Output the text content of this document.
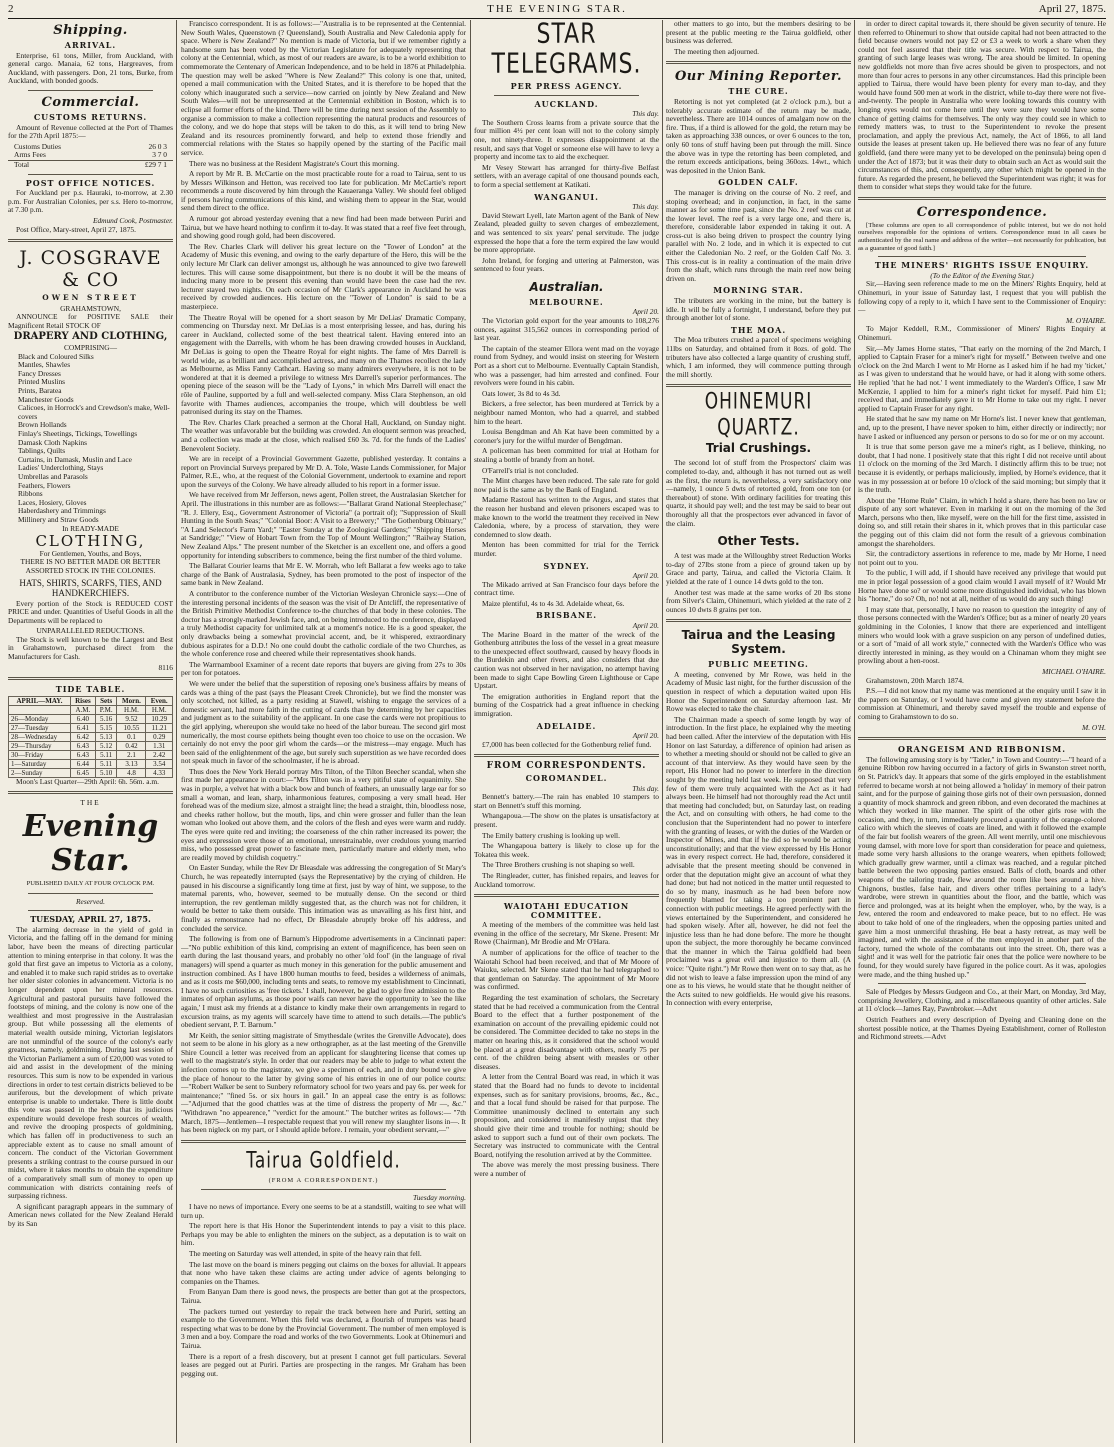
2	THE EVENING STAR.	April 27, 1875.
Shipping.
ARRIVAL.

Enterprise, 61 tons, Miller, from Auckland, with general cargo. Manaia, 62 tons, Hargreaves, from Auckland, with passengers. Don, 21 tons, Burke, from Auckland, with bonded goods.

Commercial.
CUSTOMS RETURNS.

Amount of Revenue collected at the Port of Thames for the 27th April 1875:—

Customs Duties	26 0 3
Arms Fees	3 7 0
Total	£29 7 1
POST OFFICE NOTICES.

For Auckland per p.s. Hauraki, to-morrow, at 2.30 p.m. For Australian Colonies, per s.s. Hero to-morrow, at 7.30 p.m.

Edmund Cook, Postmaster.

Post Office, Mary-street, April 27, 1875.

J. COSGRAVE & CO
OWEN STREET
GRAHAMSTOWN,

ANNOUNCE for POSITIVE SALE their Magnificent Retail STOCK OF

DRAPERY AND CLOTHING,
COMPRISING—
Black and Coloured Silks
Mantles, Shawles
Fancy Dresses
Printed Muslins
Prints, Baratea
Manchester Goods
Calicoes, in Horrock's and Crewdson's make, Well-covers
Brown Hollands
Finlay's Sheetings, Tickings, Towellings
Damask Cloth Napkins
Tablings, Quilts
Curtains, in Damask, Muslin and Lace
Ladies' Underclothing, Stays
Umbrellas and Parasols
Feathers, Flowers
Ribbons
Laces, Hosiery, Gloves
Haberdashery and Trimmings
Millinery and Straw Goods
In READY-MADE
CLOTHING,
For Gentlemen, Youths, and Boys,
THERE IS NO BETTER MADE OR BETTER ASSORTED STOCK IN THE COLONIES.
HATS, SHIRTS, SCARFS, TIES, AND HANDKERCHIEFS.

Every portion of the Stock is REDUCED COST PRICE and under. Quantities of Useful Goods in all the Departments will be replaced to

UNPARALLELED REDUCTIONS.

The Stock is well known to be the Largest and Best in Grahamstown, purchased direct from the Manufacturers for Cash.

8116
TIDE TABLE.
APRIL—MAY.	Rises	Sets	Morn.	Even.
	A.M.	P.M.	H.M.	H.M.
26—Monday	6.40	5.16	9.52	10.29
27—Tuesday	6.41	5.15	10.55	11.21
28—Wednesday	6.42	5.13	0.1	0.29
29—Thursday	6.43	5.12	0.42	1.31
30—Friday	6.43	5.11	2.1	2.42
1—Saturday	6.44	5.11	3.13	3.54
2—Sunday	6.45	5.10	4.8	4.33

Moon's Last Quarter—29th April: 6h. 56m. a.m.

THE
Evening Star.
PUBLISHED DAILY AT FOUR O'CLOCK P.M.
Reserved.
TUESDAY, APRIL 27, 1875.

The alarming decrease in the yield of gold in Victoria, and the falling off in the demand for mining labor, have been the means of directing particular attention to mining enterprise in that colony. It was the gold that first gave an impetus to Victoria as a colony, and enabled it to make such rapid strides as to overtake her older sister colonies in advancement. Victoria is no longer dependent upon her mineral resources. Agricultural and pastoral pursuits have followed the footsteps of mining, and the colony is now one of the wealthiest and most progressive in the Australasian group. But while possessing all the elements of material wealth outside mining, Victorian legislators are not unmindful of the source of the colony's early greatness, namely, goldmining. During last session of the Victorian Parliament a sum of £20,000 was voted to aid and assist in the development of the mining resources. This sum is now to be expended in various directions in order to test certain districts believed to be auriferous, but the development of which private enterprise is unable to undertake. There is little doubt this vote was passed in the hope that its judicious expenditure would develope fresh sources of wealth, and revive the drooping prospects of goldmining, which has fallen off in productiveness to such an appreciable extent as to cause no small amount of concern. The conduct of the Victorian Government presents a striking contrast to the course pursued in our midst, where it takes months to obtain the expenditure of a comparatively small sum of money to open up communication with districts containing reefs of surpassing richness.

A significant paragraph appears in the summary of American news collated for the New Zealand Herald by its San

Francisco correspondent. It is as follows:—"Australia is to be represented at the Centennial. New South Wales, Queenstown (? Queensland), South Australia and New Caledonia apply for space. Where is New Zealand?" No mention is made of Victoria, but if we remember rightly a handsome sum has been voted by the Victorian Legislature for adequately representing that colony at the Centennial, which, as most of our readers are aware, is to be a world exhibition to commemorate the Centenary of American Independence, and to be held in 1876 at Philadelphia. The question may well be asked "Where is New Zealand?" This colony is one that, united, opened a mail communication with the United States, and it is therefore to be hoped that the colony which inaugurated such a service—now carried on jointly by New Zealand and New South Wales—will not be unrepresented at the Centennial exhibition in Boston, which is to eclipse all former efforts of the kind. There will be time during next session of the Assembly to organise a commission to make a collection representing the natural products and resources of the colony, and we do hope that steps will be taken to do this, as it will tend to bring New Zealand and its resources prominently forward, and help to extend those friendly and commercial relations with the States so happily opened by the starting of the Pacific mail service.

There was no business at the Resident Magistrate's Court this morning.

A report by Mr R. B. McCartie on the most practicable route for a road to Tairua, sent to us by Messrs Wilkinson and Hetton, was received too late for publication. Mr McCartie's report recommends a route discovered by him through the Kauaeranga Valley. We should feel obliged if persons having communications of this kind, and wishing them to appear in the Star, would send them direct to the office.

A rumour got abroad yesterday evening that a new find had been made between Puriri and Tairua, but we have heard nothing to confirm it to-day. It was stated that a reef five feet through, and showing good rough gold, had been discovered.

The Rev. Charles Clark will deliver his great lecture on the "Tower of London" at the Academy of Music this evening, and owing to the early departure of the Hero, this will be the only lecture Mr Clark can deliver amongst us, although he was announced to give two farewell lectures. This will cause some disappointment, but there is no doubt it will be the means of inducing many more to be present this evening than would have been the case had the rev. lecturer stayed two nights. On each occasion of Mr Clark's appearance in Auckland he was received by crowded audiences. His lecture on the "Tower of London" is said to be a masterpiece.

The Theatre Royal will be opened for a short season by Mr DeLias' Dramatic Company, commencing on Thursday next. Mr DeLias is a most enterprising lessee, and has, during his career in Auckland, collected some of the best theatrical talent. Having entered into an engagement with the Darrells, with whom he has been drawing crowded houses in Auckland, Mr DeLias is going to open the Theatre Royal for eight nights. The fame of Mrs Darrell is world wide, as a brilliant and accomplished actress, and many on the Thames recollect the lady as Melbourne, as Miss Fanny Cathcart. Having so many admirers everywhere, it is not to be wondered at that it is deemed a privilege to witness Mrs Darrell's superior performances. The opening piece of the season will be the "Lady of Lyons," in which Mrs Darrell will enact the rôle of Pauline, supported by a full and well-selected company. Miss Clara Stephenson, an old favorite with Thames audiences, accompanies the troupe, which will doubtless be well patronised during its stay on the Thames.

The Rev. Charles Clark preached a sermon at the Choral Hall, Auckland, on Sunday night. The weather was unfavorable but the building was crowded. An eloquent sermon was preached, and a collection was made at the close, which realised £60 3s. 7d. for the funds of the Ladies' Benevolent Society.

We are in receipt of a Provincial Government Gazette, published yesterday. It contains a report on Provincial Surveys prepared by Mr D. A. Tole, Waste Lands Commissioner, for Major Palmer, R.E., who, at the request of the Colonial Government, undertook to examine and report upon the surveys of the Colony. We have already alluded to his report in a former issue.

We have received from Mr Jefferson, news agent, Pollen street, the Australasian Sketcher for April. The illustrations in this number are as follows:—"Ballarat Grand National Steeplechase;" "R. J. Ellery, Esq., Government Astronomer of Victoria" (a portrait of); "Suppression of Skull Hunting in the South Seas;" "Colonial Boor: A Visit to a Brewery;" "The Gothenburg Obituary;" "A Land Selector's Farm Yard;" "Easter Sunday at the Zoological Gardens;" "Shipping Horses at Sandridge;" "View of Hobart Town from the Top of Mount Wellington;" "Railway Station, New Zealand Alps." The present number of the Sketcher is an excellent one, and offers a good opportunity for intending subscribers to commence, being the first number of the third volume.

The Ballarat Courier learns that Mr E. W. Morrah, who left Ballarat a few weeks ago to take charge of the Bank of Australasia, Sydney, has been promoted to the post of inspector of the same bank in New Zealand.

A contributor to the conference number of the Victorian Wesleyan Chronicle says:—One of the interesting personal incidents of the season was the visit of Dr Antcliff, the representative of the British Primitive Methodist Conference to-the churches of that body in these colonies. The doctor has a strongly-marked Jewish face, and, on being introduced to the conference, displayed a truly Methodist capacity for unlimited talk at a moment's notice. He is a good speaker, the only drawbacks being a somewhat provincial accent, and, be it whispered, extraordinary dubious aspirates for a D.D.! No one could doubt the catholic cordiale of the two Churches, as the whole conference rose and cheered while their representatives shook hands.

The Warrnambool Examiner of a recent date reports that buyers are giving from 27s to 30s per ton for potatoes.

We were under the belief that the superstition of reposing one's business affairs by means of cards was a thing of the past (says the Pleasant Creek Chronicle), but we find the monster was only scotched, not killed, as a party residing at Stawell, wishing to engage the services of a domestic servant, had more faith in the cutting of cards than by determining by her capacities and judgment as to the suitability of the applicant. In one case the cards were not propitious to the girl applying, whereupon she would take no heed of the labor bureau. The second girl most numerically, the most course epithets being thought even too choice to use on the occasion. We certainly do not envy the poor girl whom the cards—or the mistress—may engage. Much has been said of the enlightenment of the age, but surely such superstition as we have recorded does not speak much in favor of the schoolmaster, if he is abroad.

Thus does the New York Herald portray Mrs Tilton, of the Tilton Beecher scandal, when she first made her appearance in court:—"Mrs Tilton was in a very pitiful state of equanimity. She was in purple, a velvet hat with a black bow and bunch of feathers, an unusually large ear for so small a woman, and lean, sharp, inharmonious features, composing a very small head. Her forehead was of the medium size, almost a straight line; the head a straight, thin, bloodless nose, and cheeks rather hollow, but the mouth, lips, and chin were grosser and fuller than the lean woman who looked out above them, and the colors of the flesh and eyes were warm and ruddy. The eyes were quite red and inviting; the coarseness of the chin rather increased its power; the eyes and expression were those of an emotional, unrestrainable, over credulous young married miss, who possessed great power to fascinate men, particularly mature and elderly men, who are readily moved by childish coquetry."

On Easter Sunday, while the Rev Dr Bleasdale was addressing the congregation of St Mary's Church, he was repeatedly interrupted (says the Representative) by the crying of children. He paused in his discourse a significantly long time at first, just by way of hint, we suppose, to the maternal parents, who, however, seemed to be mutually dense. On the second or third interruption, the rev gentleman mildly suggested that, as the church was not for children, it would be better to take them outside. This intimation was as unavailing as his first hint, and finally as remonstrance had no effect, Dr Bleasdale abruptly broke off his address, and concluded the service.

The following is from one of Barnum's Hippodrome advertisements in a Cincinnati paper:—"No public exhibition of this kind, comprising an extent of magnificence, has been seen on earth during the last thousand years, and probably no other 'old fool' (in the language of rival managers) will spend a quarter as much money in this generation for the public amusement and instruction combined. As I have 1800 human mouths to feed, besides a wilderness of animals, and as it costs me $60,000, including tents and seats, to remove my establishment to Cincinnati, I have no such curiosities as 'free tickets.' I shall, however, be glad to give free admission to the inmates of orphan asylums, as those poor waifs can never have the opportunity to 'see the like again,' I must ask my friends at a distance to kindly make their own arrangements in regard to excursion trains, as my agents will scarcely have time to attend to such details.—The public's obedient servant, P. T. Barnum."

Mr Keith, the senior sitting magistrate of Smythesdale (writes the Grenville Advocate), does not seem to be alone in his glory as a new orthographer, as at the last meeting of the Grenville Shire Council a letter was received from an applicant for slaughtering license that comes up well to the magistrate's style. In order that our readers may be able to judge to what extent the infection comes up to the magistrate, we give a specimen of each, and in duty bound we give the place of honour to the latter by giving some of his entries in one of our police courts:—"Robert Walker be sent to Sunbery reformatory school for two years and pay 6s. per week for maintenance;" "fined 5s. or six hours in gail." In an appeal case the entry is as follows:—"Adjurned that the good chattles was at the time of distress the property of Mr —, &c." "Withdrawn "no appearence," "verdict for the amount." The butcher writes as follows:— "7th March, 1875—Jentlemen—I respectable request that you will renew my slaughter lisons in—. It has been nigleck on my part, or I should aplide before. I remain, your obedient servant,—"

Tairua Goldfield.
(FROM A CORRESPONDENT.)
Tuesday morning.

I have no news of importance. Every one seems to be at a standstill, waiting to see what will turn up.

The report here is that His Honor the Superintendent intends to pay a visit to this place. Perhaps you may be able to enlighten the miners on the subject, as a deputation is to wait on him.

The meeting on Saturday was well attended, in spite of the heavy rain that fell.

The last move on the board is miners pegging out claims on the boxes for alluvial. It appears that none who have taken these claims are acting under advice of agents belonging to companies on the Thames.

From Banyan Dam there is good news, the prospects are better than got at the prospectors, Tairua.

The packers turned out yesterday to repair the track between here and Puriri, setting an example to the Government. When this field was declared, a flourish of trumpets was heard respecting what was to be done by the Provincial Government. The number of men employed is 3 men and a boy. Compare the road and works of the two Governments. Look at Ohinemuri and Tairua.

There is a report of a fresh discovery, but at present I cannot get full particulars. Several leases are pegged out at Puriri. Parties are prospecting in the ranges. Mr Graham has been pegging out.

STAR TELEGRAMS.
PER PRESS AGENCY.
AUCKLAND.
This day.

The Southern Cross learns from a private source that the four million 4½ per cent loan will not to the colony simply one, not ninety-three. It expresses disappointment at the result, and says that Vogel or someone else will have to levy a property and income tax to aid the exchequer.

Mr Vesey Stewart has arranged for thirty-five Belfast settlers, with an average capital of one thousand pounds each, to form a special settlement at Katikati.

WANGANUI.
This day.

David Stewart Lyell, late Marton agent of the Bank of New Zealand, pleaded guilty to seven charges of embezzlement, and was sentenced to six years' penal servitude. The judge expressed the hope that a fore the term expired the law would be more appropriate.

John Ireland, for forging and uttering at Palmerston, was sentenced to four years.

Australian.
MELBOURNE.
April 20.

The Victorian gold export for the year amounts to 108,276 ounces, against 315,562 ounces in corresponding period of last year.

The captain of the steamer Ellora went mad on the voyage round from Sydney, and would insist on steering for Western Port as a short cut to Melbourne. Eventually Captain Standish, who was a passenger, had him arrested and confined. Four revolvers were found in his cabin.

Oats lower, 3s 8d to 4s 3d.

Bickers, a free selector, has been murdered at Terrick by a neighbour named Monton, who had a quarrel, and stabbed him to the heart.

Louisa Bengdman and Ah Kat have been committed by a coroner's jury for the wilful murder of Bengdman.

A policeman has been committed for trial at Hotham for stealing a bottle of brandy from an hotel.

O'Farrell's trial is not concluded.

The Mint charges have been reduced. The sale rate for gold now paid is the same as by the Bank of England.

Madame Rastoul has written to the Argus, and states that the reason her husband and eleven prisoners escaped was to make known to the world the treatment they received in New Caledonia, where, by a process of starvation, they were condemned to slow death.

Menton has been committed for trial for the Terrick murder.

SYDNEY.
April 20.

The Mikado arrived at San Francisco four days before the contract time.

Maize plentiful, 4s to 4s 3d. Adelaide wheat, 6s.

BRISBANE.
April 20.

The Marine Board in the matter of the wreck of the Gothenburg attributes the loss of the vessel in a great measure to the unexpected effect southward, caused by heavy floods in the Burdekin and other rivers, and also considers that due caution was not observed in her navigation, no attempt having been made to sight Cape Bowling Green Lighthouse or Cape Upstart.

The emigration authorities in England report that the burning of the Cospatrick had a great influence in checking immigration.

ADELAIDE.
April 20.

£7,000 has been collected for the Gothenburg relief fund.

FROM CORRESPONDENTS.
COROMANDEL.
This day.

Bennett's battery.—The rain has enabled 10 stampers to start on Bennett's stuff this morning.

Whangapoua.—The show on the plates is unsatisfactory at present.

The Emily battery crushing is looking up well.

The Whangapoua battery is likely to close up for the Tokatea this week.

The Three Brothers crushing is not shaping so well.

The Ringleader, cutter, has finished repairs, and leaves for Auckland tomorrow.

WAIOTAHI EDUCATION COMMITTEE.

A meeting of the members of the committee was held last evening in the office of the secretary, Mr Skene. Present: Mr Rowe (Chairman), Mr Brodie and Mr O'Hara.

A number of applications for the office of teacher to the Waiotahi School had been received, and that of Mr Moore of Waiuku, selected. Mr Skene stated that he had telegraphed to that gentleman on Saturday. The appointment of Mr Moore was confirmed.

Regarding the test examination of scholars, the Secretary stated that he had received a communication from the Central Board to the effect that a further postponement of the examination on account of the prevailing epidemic could not be considered. The Committee decided to take no steps in the matter on hearing this, as it considered that the school would be placed at a great disadvantage with others, nearly 75 per cent. of the children being absent with measles or other diseases.

A letter from the Central Board was read, in which it was stated that the Board had no funds to devote to incidental expenses, such as for sanitary provisions, brooms, &c., &c., and that a local fund should be raised for that purpose. The Committee unanimously declined to entertain any such proposition, and considered it manifestly unjust that they should give their time and trouble for nothing; should be asked to support such a fund out of their own pockets. The Secretary was instructed to communicate with the Central Board, notifying the resolution arrived at by the Committee.

The above was merely the most pressing business. There were a number of

other matters to go into, but the members desiring to be present at the public meeting re the Tairua goldfield, other business was deferred.

The meeting then adjourned.

Our Mining Reporter.
THE CURE.

Retorting is not yet completed (at 2 o'clock p.m.), but a tolerably accurate estimate of the return may be made, nevertheless. There are 1014 ounces of amalgam now on the fire. Thus, if a third is allowed for the gold, the return may be taken as approaching 338 ounces, or over 6 ounces to the ton, only 60 tons of stuff having been put through the mill. Since the above was in type the retorting has been completed, and the return exceeds anticipations, being 360ozs. 14wt., which was deposited in the Union Bank.

GOLDEN CALF.

The manager is driving on the course of No. 2 reef, and stoping overhead; and in conjunction, in fact, in the same manner as for some time past, since the No. 2 reef was cut at the lower level. The reef is a very large one, and there is, therefore, considerable labor expended in taking it out. A cross-cut is also being driven to prospect the country lying parallel with No. 2 lode, and in which it is expected to cut either the Caledonian No. 2 reef, or the Golden Calf No. 3. This cross-cut is in reality a continuation of the main drive from the shaft, which runs through the main reef now being driven on.

MORNING STAR.

The tributers are working in the mine, but the battery is idle. It will be fully a fortnight, I understand, before they put through another lot of stone.

THE MOA.

The Moa tributers crushed a parcel of specimens weighing 11lbs on Saturday, and obtained from it 8ozs. of gold. The tributers have also collected a large quantity of crushing stuff, which, I am informed, they will commence putting through the mill shortly.

OHINEMURI QUARTZ.
Trial Crushings.

The second lot of stuff from the Prospectors' claim was completed to-day, and, although it has not turned out as well as the first, the return is, nevertheless, a very satisfactory one—namely, 1 ounce 5 dwts of retorted gold, from one ton (or thereabout) of stone. With ordinary facilities for treating this quartz, it should pay well; and the test may be said to bear out thoroughly all that the prospectors ever advanced in favor of the claim.

Other Tests.

A test was made at the Willoughby street Reduction Works to-day of 27lbs stone from a piece of ground taken up by Grace and party, Tairua, and called the Victoria Claim. It yielded at the rate of 1 ounce 14 dwts gold to the ton.

Another test was made at the same works of 20 lbs stone from Silver's Claim, Ohinemuri, which yielded at the rate of 2 ounces 10 dwts 8 grains per ton.

Tairua and the Leasing System.
PUBLIC MEETING.

A meeting, convened by Mr Rowe, was held in the Academy of Music last night, for the further discussion of the question in respect of which a deputation waited upon His Honor the Superintendent on Saturday afternoon last. Mr Rowe was elected to take the chair.

The Chairman made a speech of some length by way of introduction. In the first place, he explained why the meeting had been called. After the interview of the deputation with His Honor on last Saturday, a difference of opinion had arisen as to whether a meeting should or should not be called to give an account of that interview. As they would have seen by the report, His Honor had no power to interfere in the direction sought by the meeting held last week. He supposed that very few of them were truly acquainted with the Act as it had always been. He himself had not thoroughly read the Act until that meeting had concluded; but, on Saturday last, on reading the Act, and on consulting with others, he had come to the conclusion that the Superintendent had no power to interfere with the granting of leases, or with the duties of the Warden or Inspector of Mines, and that if he did so he would be acting unconstitutionally; and that the view expressed by His Honor was in every respect correct. He had, therefore, considered it advisable that the present meeting should be convened in order that the deputation might give an account of what they had done; but had not noticed in the matter until requested to do so by many, inasmuch as he had been before now frequently blamed for taking a too prominent part in connection with public meetings. He agreed perfectly with the views entertained by the Superintendent, and considered he had spoken wisely. After all, however, he did not feel the injustice less than he had done before. The more he thought upon the subject, the more thoroughly he became convinced that the manner in which the Tairua goldfield had been proclaimed was a great evil and injustice to them all. (A voice: "Quite right.") Mr Rowe then went on to say that, as he did not wish to leave a false impression upon the mind of any one as to his views, he would state that he thought neither of the Acts suited to new goldfields. He would give his reasons. In connection with every enterprise,

in order to direct capital towards it, there should be given security of tenure. He then referred to Ohinemuri to show that outside capital had not been attracted to the field because owners would not pay £2 or £3 a week to work a share when they could not feel assured that their title was secure. With respect to Tairua, the granting of such large leases was wrong. The area should be limited. In opening new goldfields not more than five acres should be given to prospectors, and not more than four acres to persons in any other circumstances. Had this principle been applied to Tairua, there would have been plenty for every man to-day, and they would have found 500 men at work in the district, while to-day there were not five-and-twenty. The people in Australia who were looking towards this country with longing eyes would not come here until they were sure they would have some chance of getting claims for themselves. The only way they could see in which to remedy matters was, to trust to the Superintendent to revoke the present proclamation, and apply the previous Act, namely, the Act of 1866, to all land outside the leases at present taken up. He believed there was no fear of any future goldfield, (and there were many yet to be developed on the peninsula) being open d under the Act of 1873; but it was their duty to obtain such an Act as would suit the circumstances of this, and, consequently, any other which might be opened in the future. As regarded the present, he believed the Superintendent was right; it was for them to consider what steps they would take for the future.

Correspondence.

[These columns are open to all correspondence of public interest, but we do not hold ourselves responsible for the opinions of writers. Correspondence must in all cases be authenticated by the real name and address of the writer—not necessarily for publication, but as a guarantee of good faith.]

THE MINERS' RIGHTS ISSUE ENQUIRY.
(To the Editor of the Evening Star.)

Sir,—Having seen reference made to me on the Miners' Rights Enquiry, held at Ohinemuri, in your issue of Saturday last, I request that you will publish the following copy of a reply to it, which I have sent to the Commissioner of Enquiry:—

M. O'HAIRE.

To Major Keddell, R.M., Commissioner of Miners' Rights Enquiry at Ohinemuri.

Sir,—My James Horne states, "That early on the morning of the 2nd March, I applied to Captain Fraser for a miner's right for myself." Between twelve and one o'clock on the 2nd March I went to Mr Horne as I asked him if he had my 'ticket,' as I was given to understand that he would have, or had it along with some others. He replied 'that he had not.' I went immediately to the Warden's Office, I saw Mr McKenzie, I applied to him for a miner's right ticket for myself. Paid him £1; received that, and immediately gave it to Mr Horne to take out my right. I never applied to Captain Fraser for any right.

He stated that he saw my name on Mr Horne's list. I never knew that gentleman, and, up to the present, I have never spoken to him, either directly or indirectly; nor have I asked or influenced any person or persons to do so for me or on my account.

It is true that some person gave me a miner's right, as I believe, thinking, no doubt, that I had none. I positively state that this right I did not receive until about 11 o'clock on the morning of the 3rd March. I distinctly affirm this to be true; not because it is evidently, or perhaps maliciously, implied, by Horne's evidence, that it was in my possession at or before 10 o'clock of the said morning; but simply that it is the truth.

About the "Home Rule" Claim, in which I hold a share, there has been no law or dispute of any sort whatever. Even in marking it out on the morning of the 3rd March, persons who then, like myself, were on the hill for the first time, assisted in doing so, and still retain their shares in it, which proves that in this particular case the pegging out of this claim did not form the result of a grievous combination amongst the shareholders.

Sir, the contradictory assertions in reference to me, made by Mr Horne, I need not point out to you.

To the public, I will add, if I should have received any privilege that would put me in prior legal possession of a good claim would I avail myself of it? Would Mr Horne have done so? or would some more distinguished individual, who has blown his "horne," do so? Oh, no! not at all, neither of us would do any such thing!

I may state that, personally, I have no reason to question the integrity of any of those persons connected with the Warden's Office; but as a miner of nearly 20 years goldmining in the Colonies, I know that there are experienced and intelligent miners who would look with a grave suspicion on any person of undefined duties, or a sort of "maid of all work style," connected with the Warden's Office who was directly interested in mining, as they would on a Chinaman whom they might see prowling about a hen-roost.

MICHAEL O'HAIRE.

Grahamstown, 20th March 1874.

P.S.—I did not know that my name was mentioned at the enquiry until I saw it in the papers on Saturday, or I would have come and given my statement before the commission at Ohinemuri, and thereby saved myself the trouble and expense of coming to Grahamstown to do so.

M. O'H.
ORANGEISM AND RIBBONISM.

The following amusing story is by "Tatler," in Town and Country:—"I heard of a genuine Ribbon row having occurred in a factory of girls in Swanston street north, on St. Patrick's day. It appears that some of the girls employed in the establishment referred to became worsh at not being allowed a 'holiday' in memory of their patron saint, and for the purpose of gaining those girls not of their own persuasion, donned a quantity of mock shamrock and green ribbon, and even decorated the machines at which they worked in like manner. The spirit of the other girls rose with the occasion, and they, in turn, immediately procured a quantity of the orange-colored calico with which the sleeves of coats are lined, and with it followed the example of the fair but foolish wearers of the green. All went merrily, until one mischievous young damsel, with more love for sport than consideration for peace and quietness, made some very harsh allusions to the orange wearers, when epithets followed; which gradually grew warmer, until a climax was reached, and a regular pitched battle between the two opposing parties ensued. Balls of cloth, boards and other weapons of the tailoring trade, flew around the room like bees around a hive. Chignons, bustles, false hair, and divers other trifles pertaining to a lady's wardrobe, were strewn in quantities about the floor, and the battle, which was fierce and prolonged, was at its height when the employer, who, by the way, is a Jew, entered the room and endeavored to make peace, but to no effect. He was about to take hold of one of the ringleaders, when the opposing parties united and gave him a most unmerciful thrashing. He beat a hasty retreat, as may well be imagined, and with the assistance of the men employed in another part of the factory, turned the whole of the combatants out into the street. Oh, there was a sight! and it was well for the patriotic fair ones that the police were nowhere to be found, for they would surely have figured in the police court. As it was, apologies were made, and the thing hushed up."

Sale of Pledges by Messrs Gudgeon and Co., at their Mart, on Monday, 3rd May, comprising Jewellery, Clothing, and a miscellaneous quantity of other articles. Sale at 11 o'clock—James Ray, Pawnbroker.—Advt

Ostrich Feathers and every description of Dyeing and Cleaning done on the shortest possible notice, at the Thames Dyeing Establishment, corner of Rolleston and Richmond streets.—Advt
